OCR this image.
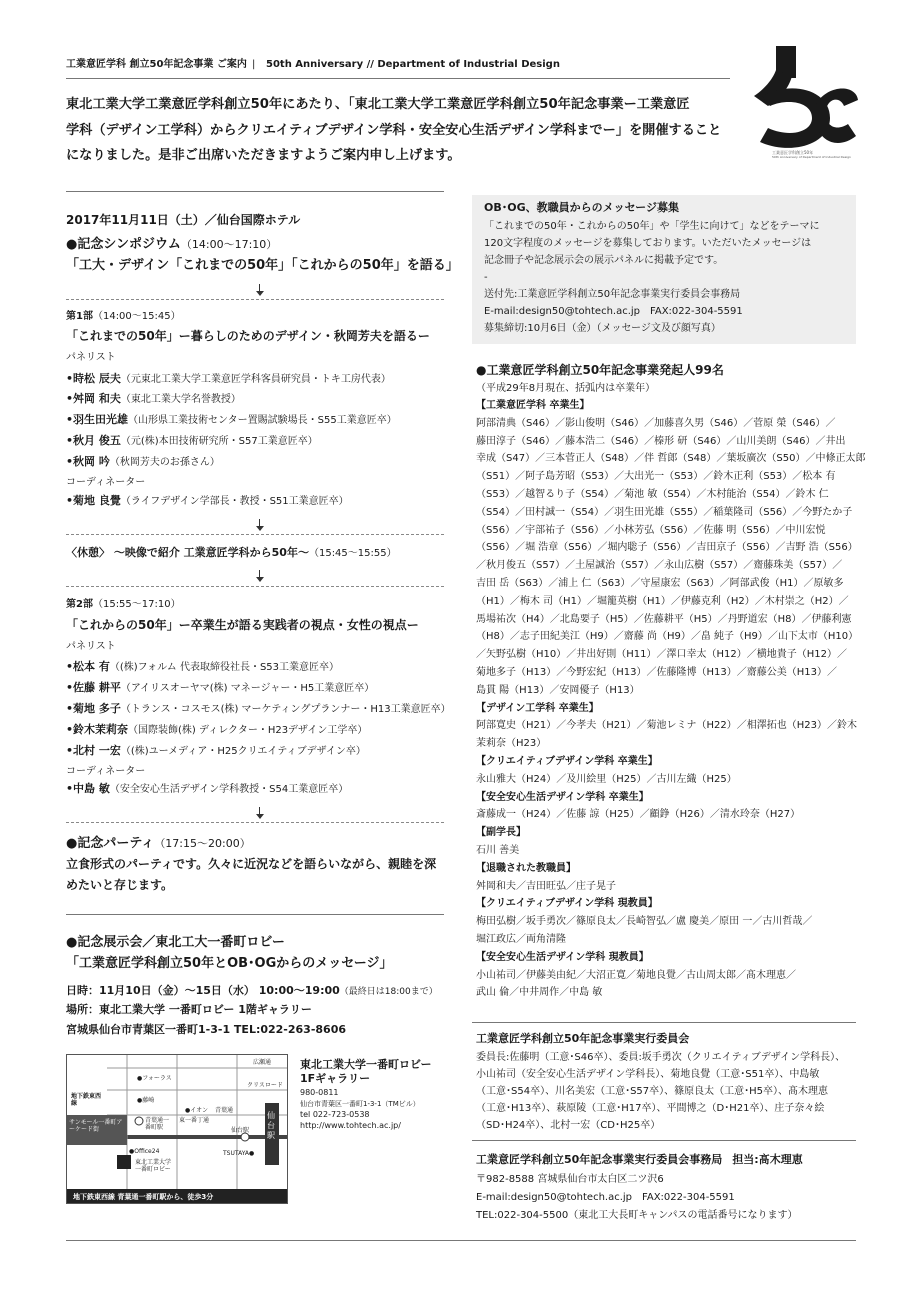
工業意匠学科 創立50年記念事業 ご案内 | 50th Anniversary // Department of Industrial Design
工業意匠学科創立50年
50th Anniversary of Department of Industrial Design
東北工業大学工業意匠学科創立50年にあたり、「東北工業大学工業意匠学科創立50年記念事業ー工業意匠
学科（デザイン工学科）からクリエイティブデザイン学科・安全安心生活デザイン学科までー」を開催すること
になりました。是非ご出席いただきますようご案内申し上げます。
2017年11月11日（土）／仙台国際ホテル
●記念シンポジウム（14:00〜17:10）
「工大・デザイン「これまでの50年」「これからの50年」を語る」
第1部（14:00〜15:45）
「これまでの50年」ー暮らしのためのデザイン・秋岡芳夫を語るー
パネリスト
•時松 辰夫（元東北工業大学工業意匠学科客員研究員・トキ工房代表）
•舛岡 和夫（東北工業大学名誉教授）
•羽生田光雄（山形県工業技術センター置賜試験場長・S55工業意匠卒）
•秋月 俊五（元(株)本田技術研究所・S57工業意匠卒）
•秋岡 吟（秋岡芳夫のお孫さん）
コーディネーター
•菊地 良覺（ライフデザイン学部長・教授・S51工業意匠卒）
〈休憩〉 〜映像で紹介 工業意匠学科から50年〜（15:45〜15:55）
第2部（15:55〜17:10）
「これからの50年」ー卒業生が語る実践者の視点・女性の視点ー
パネリスト
•松本 有（(株)フォルム 代表取締役社長・S53工業意匠卒）
•佐藤 耕平（アイリスオーヤマ(株) マネージャー・H5工業意匠卒）
•菊地 多子（トランス・コスモス(株) マーケティングプランナー・H13工業意匠卒）
•鈴木茉莉奈（国際装飾(株) ディレクター・H23デザイン工学卒）
•北村 一宏（(株)ユーメディア・H25クリエイティブデザイン卒）
コーディネーター
•中島 敏（安全安心生活デザイン学科教授・S54工業意匠卒）
●記念パーティ（17:15〜20:00）
立食形式のパーティです。久々に近況などを語らいながら、親睦を深
めたいと存じます。
●記念展示会／東北工大一番町ロビー
「工業意匠学科創立50年とOB･OGからのメッセージ」
日時：11月10日（金）〜15日（水） 10:00〜19:00（最終日は18:00まで）
場所：東北工業大学 一番町ロビー 1階ギャラリー
宮城県仙台市青葉区一番町1-3-1 TEL:022-263-8606
広瀬通
●フォーラス
クリスロード
地下鉄東西線	●藤崎
●イオン 青葉通
東一番丁通
青葉通一番町駅	仙台駅
サンモール一番町アーケード街
東北工業大学一番町ロビー
●Office24	TSUTAYA●
仙台駅
地下鉄東西線 青葉通一番町駅から、徒歩3分
東北工業大学一番町ロビー
1Fギャラリー
980-0811
仙台市青葉区一番町1-3-1（TMビル）
tel 022-723-0538
http://www.tohtech.ac.jp/
OB･OG、教職員からのメッセージ募集
「これまでの50年・これからの50年」や「学生に向けて」などをテーマに
120文字程度のメッセージを募集しております。いただいたメッセージは
記念冊子や記念展示会の展示パネルに掲載予定です。
-
送付先:工業意匠学科創立50年記念事業実行委員会事務局
E-mail:design50@tohtech.ac.jp　FAX:022-304-5591
募集締切:10月6日（金）（メッセージ文及び顔写真）
●工業意匠学科創立50年記念事業発起人99名
（平成29年8月現在、括弧内は卒業年）
【工業意匠学科 卒業生】
阿部清典（S46）／影山俊明（S46）／加藤喜久男（S46）／菅原 榮（S46）／
藤田淳子（S46）／藤本浩二（S46）／榛形 研（S46）／山川美朗（S46）／井出
幸成（S47）／三本菅正人（S48）／伴 哲郎（S48）／葉坂廣次（S50）／中條正太郎
（S51）／阿子島芳昭（S53）／大出光一（S53）／鈴木正利（S53）／松本 有
（S53）／越智るり子（S54）／菊池 敏（S54）／木村能治（S54）／鈴木 仁
（S54）／田村誠一（S54）／羽生田光雄（S55）／稲葉隆司（S56）／今野たか子
（S56）／宇部祐子（S56）／小林芳弘（S56）／佐藤 明（S56）／中川宏悦
（S56）／堀 浩章（S56）／堀内聡子（S56）／吉田京子（S56）／吉野 浩（S56）
／秋月俊五（S57）／土屋誠治（S57）／永山広樹（S57）／齋藤珠美（S57）／
吉田 岳（S63）／浦上 仁（S63）／守屋康宏（S63）／阿部武俊（H1）／原敏多
（H1）／梅木 司（H1）／堀籠英樹（H1）／伊藤克利（H2）／木村崇之（H2）／
馬場祐次（H4）／北島要子（H5）／佐藤耕平（H5）／丹野道宏（H8）／伊藤利憲
（H8）／志子田紀美江（H9）／齋藤 尚（H9）／畠 純子（H9）／山下太市（H10）
／矢野弘樹（H10）／井出好則（H11）／澤口幸太（H12）／横地貴子（H12）／
菊地多子（H13）／今野宏紀（H13）／佐藤隆博（H13）／齋藤公美（H13）／
島貫 陽（H13）／安岡優子（H13）
【デザイン工学科 卒業生】
阿部寛史（H21）／今孝夫（H21）／菊池レミナ（H22）／相澤拓也（H23）／鈴木
茉莉奈（H23）
【クリエイティブデザイン学科 卒業生】
永山雅大（H24）／及川絵里（H25）／古川左織（H25）
【安全安心生活デザイン学科 卒業生】
斎藤成一（H24）／佐藤 諒（H25）／顧錚（H26）／清水玲奈（H27）
【副学長】
石川 善美
【退職された教職員】
舛岡和夫／吉田旺弘／庄子晃子
【クリエイティブデザイン学科 現教員】
梅田弘樹／坂手勇次／篠原良太／長崎智弘／盧 慶美／原田 一／古川哲哉／
堀江政広／両角清隆
【安全安心生活デザイン学科 現教員】
小山祐司／伊藤美由紀／大沼正寛／菊地良覺／古山周太郎／髙木理恵／
武山 倫／中井周作／中島 敏
工業意匠学科創立50年記念事業実行委員会
委員長:佐藤明（工意･S46卒）、委員:坂手勇次（クリエイティブデザイン学科長）、
小山祐司（安全安心生活デザイン学科長）、菊地良覺（工意･S51卒）、中島敏
（工意･S54卒）、川名美宏（工意･S57卒）、篠原良太（工意･H5卒）、髙木理恵
（工意･H13卒）、萩原陵（工意･H17卒）、平間博之（D･H21卒）、庄子奈々絵
（SD･H24卒）、北村一宏（CD･H25卒）
工業意匠学科創立50年記念事業実行委員会事務局 担当:髙木理恵
〒982-8588 宮城県仙台市太白区二ツ沢6
E-mail:design50@tohtech.ac.jp　FAX:022-304-5591
TEL:022-304-5500（東北工大長町キャンパスの電話番号になります）
